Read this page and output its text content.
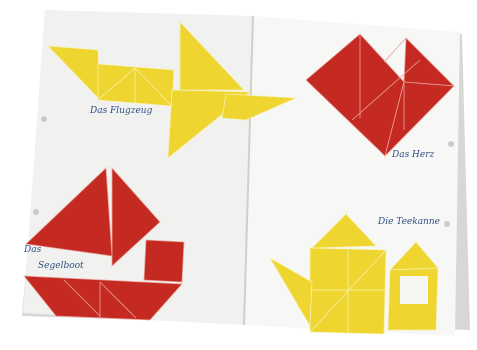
Das Flugzeug
Das Herz
Die Teekanne
Das
Segelboot
